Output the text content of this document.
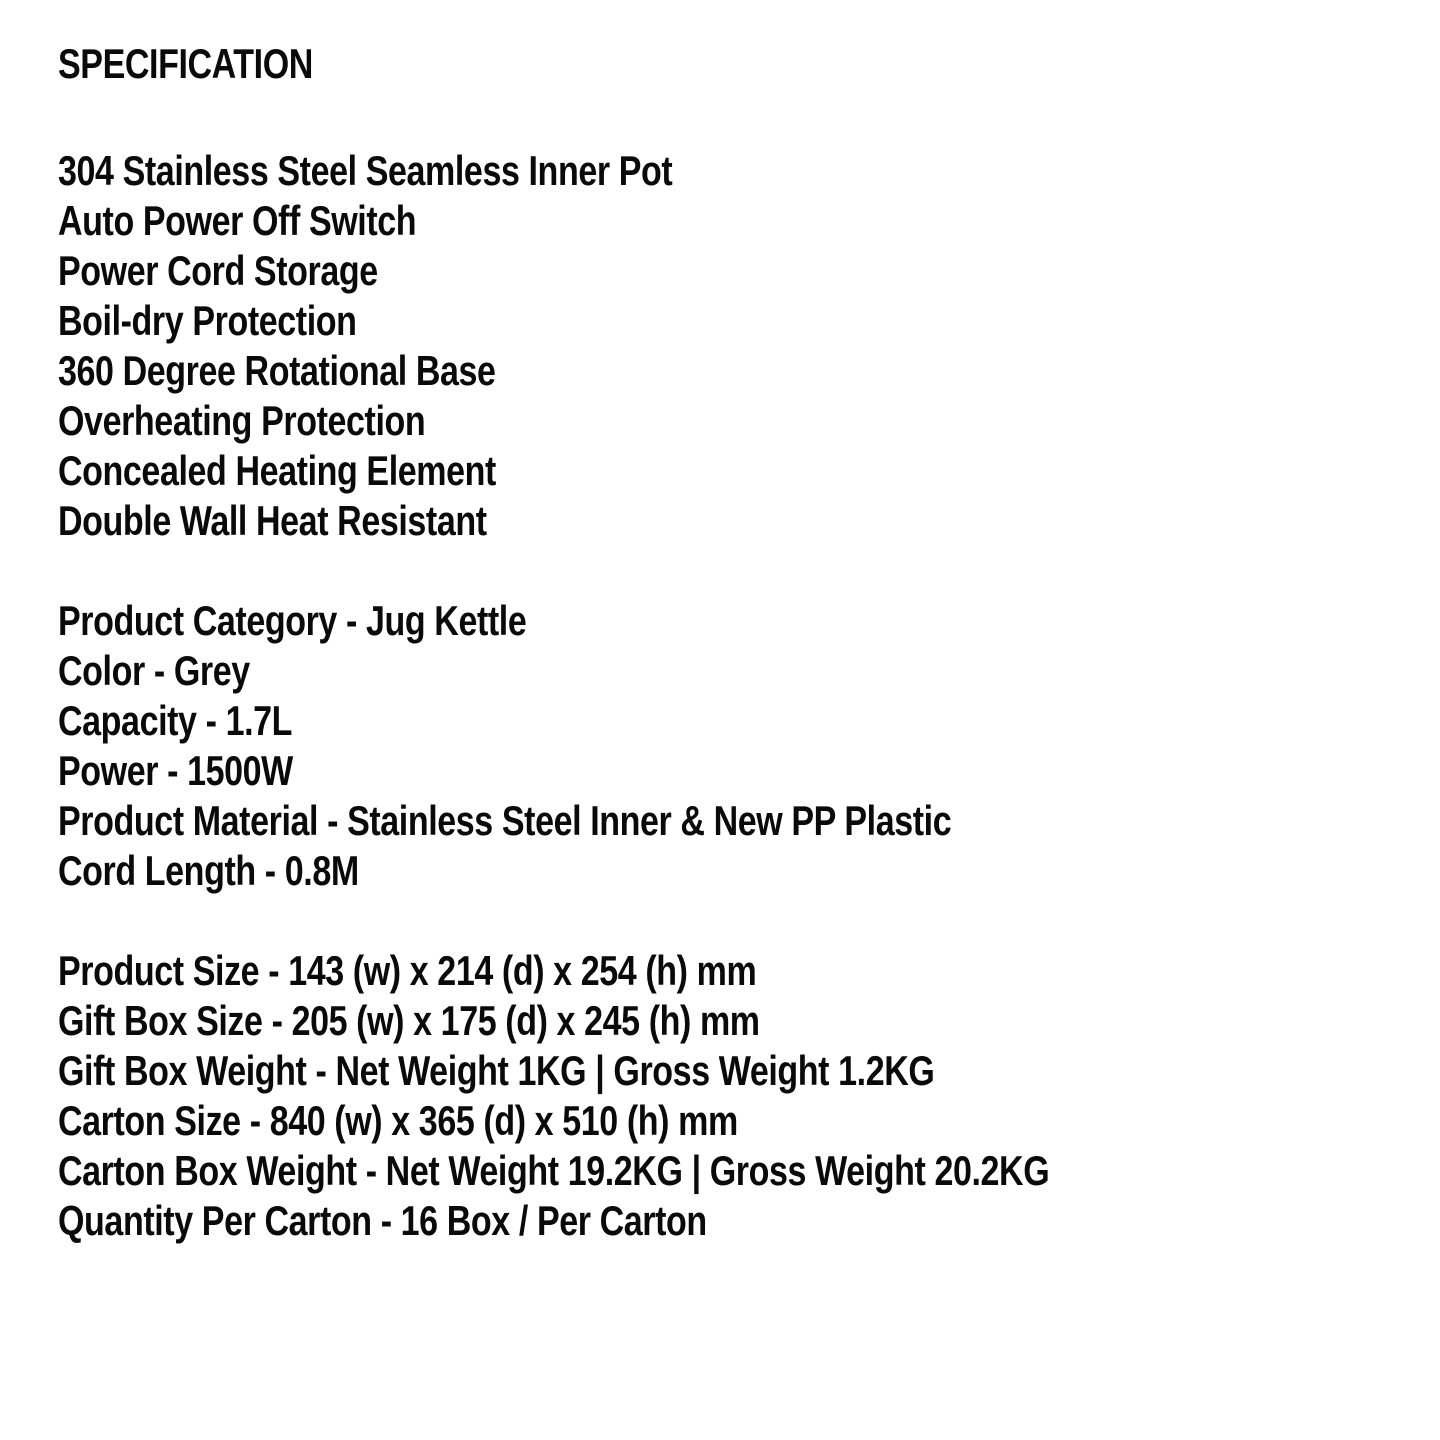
SPECIFICATION
304 Stainless Steel Seamless Inner Pot
Auto Power Off Switch
Power Cord Storage
Boil-dry Protection
360 Degree Rotational Base
Overheating Protection
Concealed Heating Element
Double Wall Heat Resistant
Product Category - Jug Kettle
Color - Grey
Capacity - 1.7L
Power - 1500W
Product Material - Stainless Steel Inner & New PP Plastic
Cord Length - 0.8M
Product Size - 143 (w) x 214 (d) x 254 (h) mm
Gift Box Size - 205 (w) x 175 (d) x 245 (h) mm
Gift Box Weight - Net Weight 1KG | Gross Weight 1.2KG
Carton Size - 840 (w) x 365 (d) x 510 (h) mm
Carton Box Weight - Net Weight 19.2KG | Gross Weight 20.2KG
Quantity Per Carton - 16 Box / Per Carton
